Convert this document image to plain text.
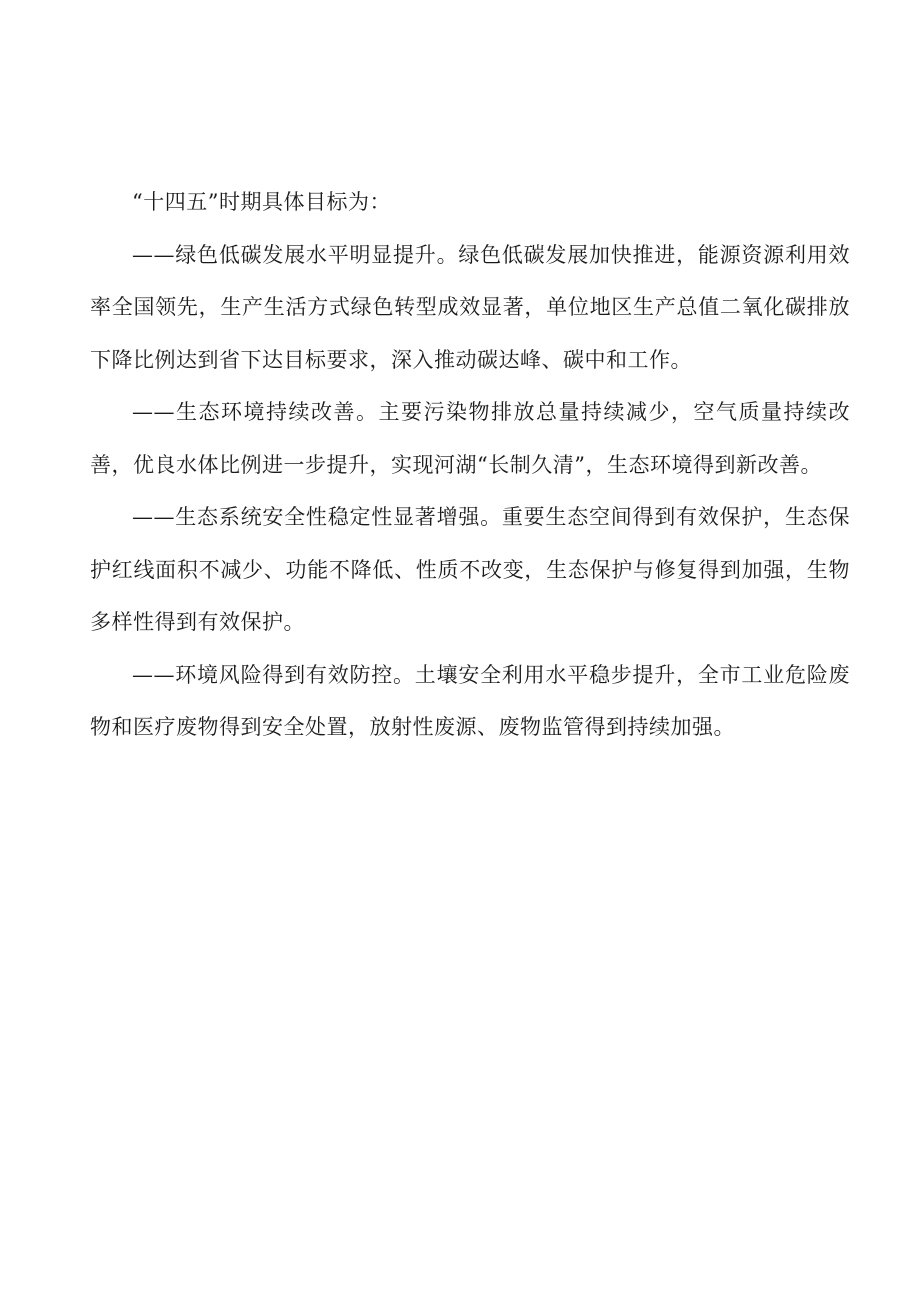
“十四五”时期具体目标为：

——绿色低碳发展水平明显提升。绿色低碳发展加快推进，能源资源利用效率全国领先，生产生活方式绿色转型成效显著，单位地区生产总值二氧化碳排放下降比例达到省下达目标要求，深入推动碳达峰、碳中和工作。

——生态环境持续改善。主要污染物排放总量持续减少，空气质量持续改善，优良水体比例进一步提升，实现河湖“长制久清”，生态环境得到新改善。

——生态系统安全性稳定性显著增强。重要生态空间得到有效保护，生态保护红线面积不减少、功能不降低、性质不改变，生态保护与修复得到加强，生物多样性得到有效保护。

——环境风险得到有效防控。土壤安全利用水平稳步提升，全市工业危险废物和医疗废物得到安全处置，放射性废源、废物监管得到持续加强。
